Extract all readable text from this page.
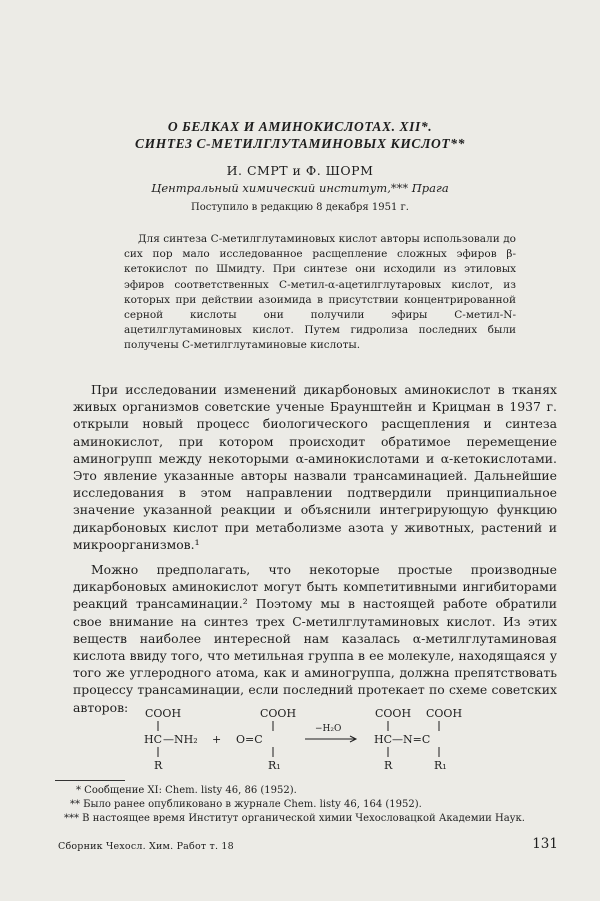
О БЕЛКАХ И АМИНОКИСЛОТАХ. XII*.
СИНТЕЗ С-МЕТИЛГЛУТАМИНОВЫХ КИСЛОТ**
И. СМРТ и Ф. ШОРМ
Центральный химический институт,*** Прага
Поступило в редакцию 8 декабря 1951 г.

Для синтеза С-метилглутаминовых кислот авторы использовали до сих пор мало исследованное расщепление сложных эфиров β-кетокислот по Шмидту. При синтезе они исходили из этиловых эфиров соответственных С-метил-α-ацетилглутаровых кислот, из которых при действии азоимида в присутствии концентрированной серной кислоты они получили эфиры С-метил-N-ацетилглутаминовых кислот. Путем гидролиза последних были получены С-метилглутаминовые кислоты.

При исследовании изменений дикарбоновых аминокислот в тканях живых организмов советские ученые Браунштейн и Крицман в 1937 г. открыли новый процесс биологического расщепления и синтеза аминокислот, при котором происходит обратимое перемещение аминогрупп между некоторыми α-аминокислотами и α-кетокислотами. Это явление указанные авторы назвали трансаминацией. Дальнейшие исследования в этом направлении подтвердили принципиальное значение указанной реакции и объяснили интегрирующую функцию дикарбоновых кислот при метаболизме азота у животных, растений и микроорганизмов.¹

Можно предполагать, что некоторые простые производные дикарбоновых аминокислот могут быть компетитивными ингибиторами реакций трансаминации.² Поэтому мы в настоящей работе обратили свое внимание на синтез трех С-метилглутаминовых кислот. Из этих веществ наиболее интересной нам казалась α-метилглутаминовая кислота ввиду того, что метильная группа в ее молекуле, находящаяся у того же углеродного атома, как и аминогруппа, должна препятствовать процессу трансаминации, если последний протекает по схеме советских авторов:	COOH
HC —NH₂
R
+
COOH
O=C
R₁
−H₂O
COOH COOH
HC—N=C
R	R₁
* Сообщение XI: Chem. listy 46, 86 (1952).
** Было ранее опубликовано в журнале Chem. listy 46, 164 (1952).
*** В настоящее время Институт органической химии Чехословацкой Академии Наук.
Сборник Чехосл. Хим. Работ т. 18	131
